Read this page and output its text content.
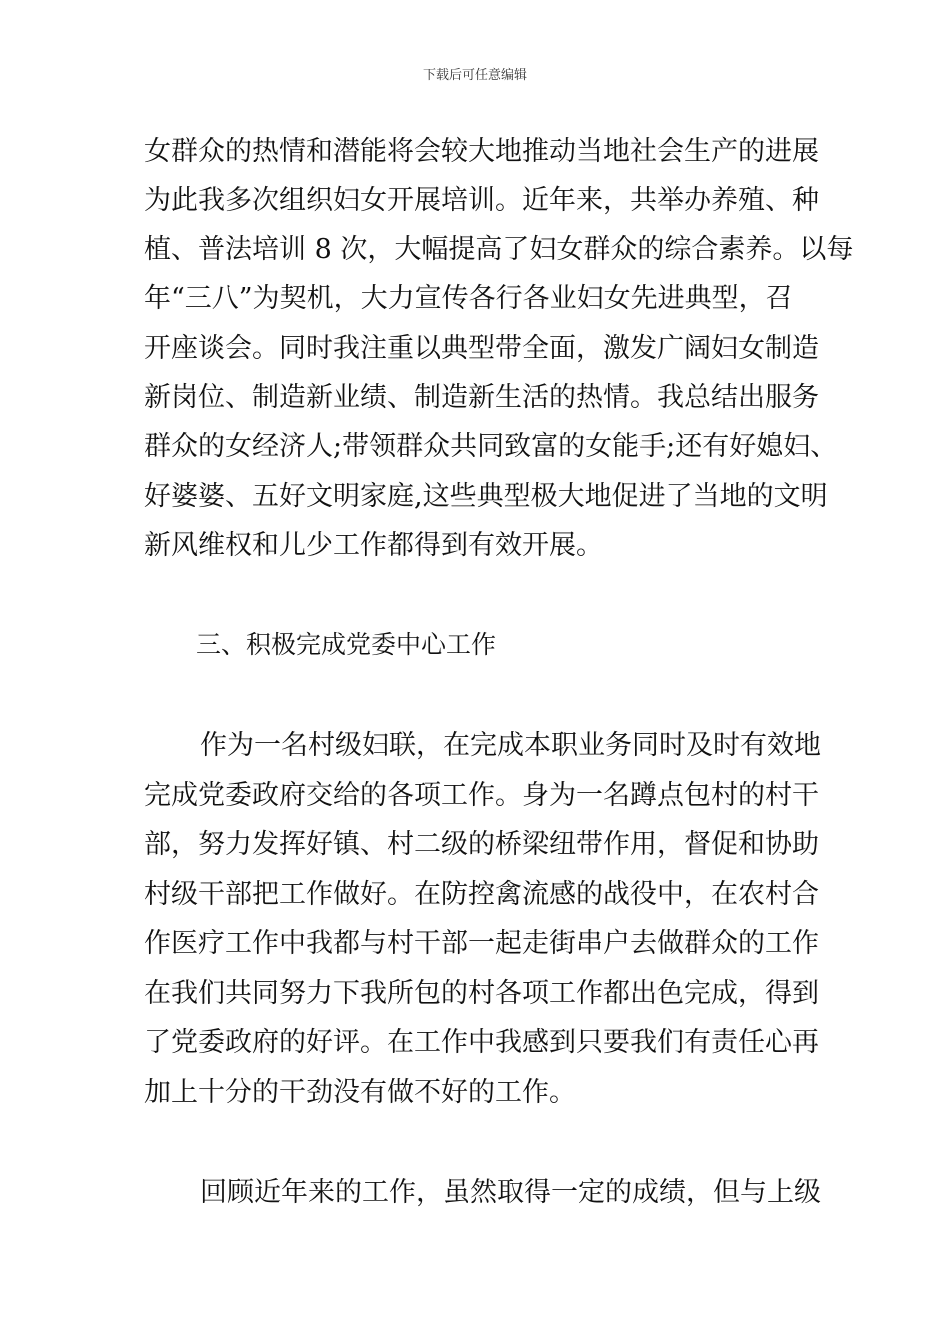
下载后可任意编辑
女群众的热情和潜能将会较大地推动当地社会生产的进展
为此我多次组织妇女开展培训。近年来，共举办养殖、种
植、普法培训 8 次，大幅提高了妇女群众的综合素养。以每
年“三八”为契机，大力宣传各行各业妇女先进典型，召
开座谈会。同时我注重以典型带全面，激发广阔妇女制造
新岗位、制造新业绩、制造新生活的热情。我总结出服务
群众的女经济人;带领群众共同致富的女能手;还有好媳妇、
好婆婆、五好文明家庭,这些典型极大地促进了当地的文明
新风维权和儿少工作都得到有效开展。
三、积极完成党委中心工作
作为一名村级妇联，在完成本职业务同时及时有效地
完成党委政府交给的各项工作。身为一名蹲点包村的村干
部，努力发挥好镇、村二级的桥梁纽带作用，督促和协助
村级干部把工作做好。在防控禽流感的战役中，在农村合
作医疗工作中我都与村干部一起走街串户去做群众的工作
在我们共同努力下我所包的村各项工作都出色完成，得到
了党委政府的好评。在工作中我感到只要我们有责任心再
加上十分的干劲没有做不好的工作。
回顾近年来的工作，虽然取得一定的成绩，但与上级
